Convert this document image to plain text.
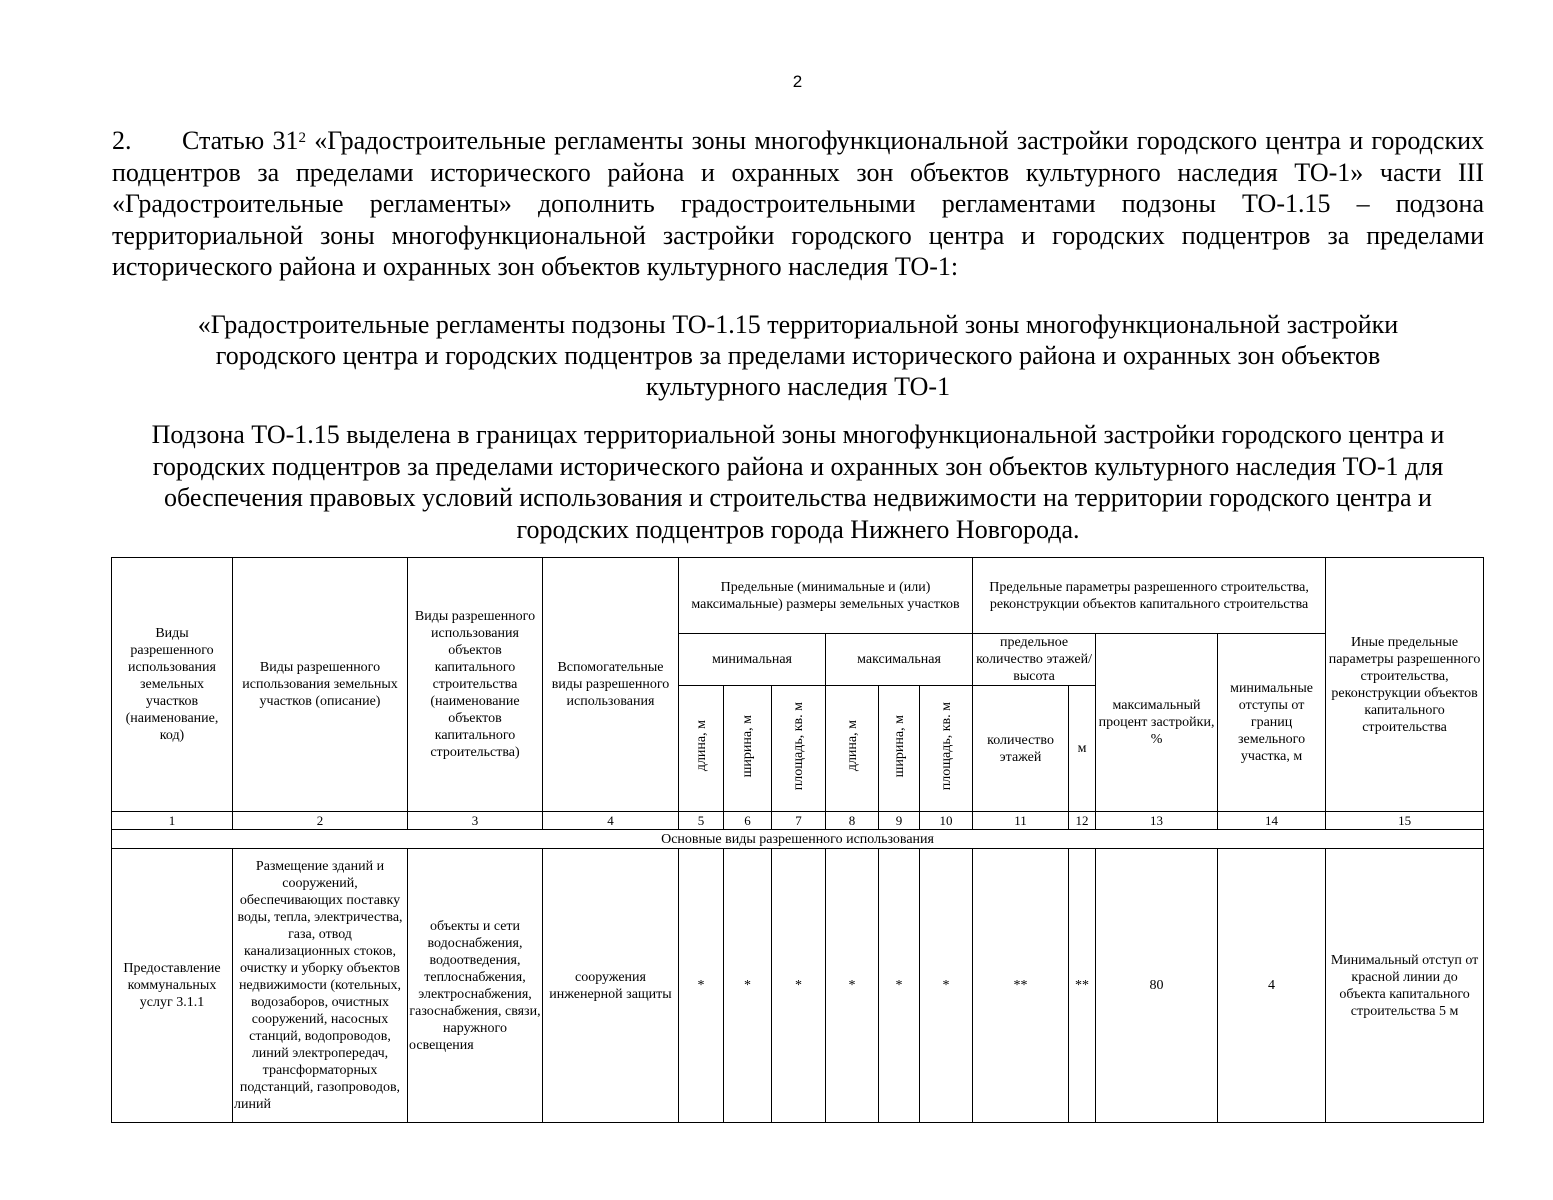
2
2. Статью $31^2$ «Градостроительные регламенты зоны многофункциональной застройки городского центра и городских подцентров за пределами исторического района и охранных зон объектов культурного наследия ТО-1» части III «Градостроительные регламенты» дополнить градостроительными регламентами подзоны ТО-1.15 – подзона территориальной зоны многофункциональной застройки городского центра и городских подцентров за пределами исторического района и охранных зон объектов культурного наследия ТО-1:
«Градостроительные регламенты подзоны ТО-1.15 территориальной зоны многофункциональной застройки
городского центра и городских подцентров за пределами исторического района и охранных зон объектов
культурного наследия ТО-1
Подзона ТО-1.15 выделена в границах территориальной зоны многофункциональной застройки городского центра и городских подцентров за пределами исторического района и охранных зон объектов культурного наследия ТО-1 для обеспечения правовых условий использования и строительства недвижимости на территории городского центра и городских подцентров города Нижнего Новгорода.
Виды разрешенного использования земельных участков (наименование, код)	Виды разрешенного использования земельных участков (описание)	Виды разрешенного использования объектов капитального строительства (наименование объектов капитального строительства)	Вспомогательные виды разрешенного использования	Предельные (минимальные и (или) максимальные) размеры земельных участков						Предельные параметры разрешенного строительства, реконструкции объектов капитального строительства				Иные предельные параметры разрешенного строительства, реконструкции объектов капитального строительства
				минимальная			максимальная			предельное количество этажей/высота		максимальный процент застройки, %	минимальные отступы от границ земельного участка, м	
				длина, м	ширина, м	площадь, кв. м	длина, м	ширина, м	площадь, кв. м	количество этажей	м			
1	2	3	4	5	6	7	8	9	10	11	12	13	14	15
Основные виды разрешенного использования														
Предоставление коммунальных услуг 3.1.1	Размещение зданий и сооружений, обеспечивающих поставку воды, тепла, электричества, газа, отвод канализационных стоков, очистку и уборку объектов недвижимости (котельных, водозаборов, очистных сооружений, насосных станций, водопроводов, линий электропередач, трансформаторных подстанций, газопроводов, линий	объекты и сети водоснабжения, водоотведения, теплоснабжения, электроснабжения, газоснабжения, связи, наружного освещения	сооружения инженерной защиты	*	*	*	*	*	*	**	**	80	4	Минимальный отступ от красной линии до объекта капитального строительства 5 м
